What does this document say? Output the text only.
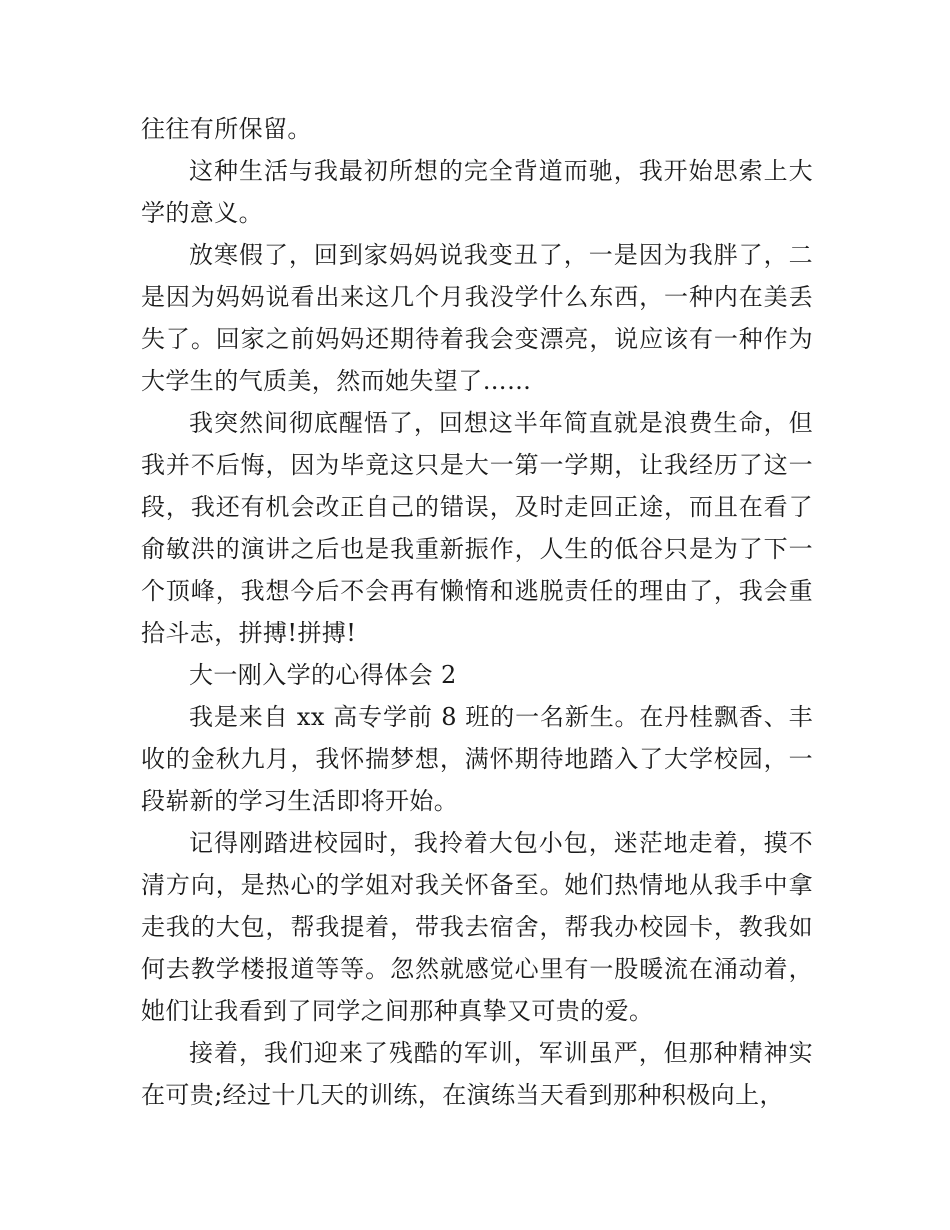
往往有所保留。

这种生活与我最初所想的完全背道而驰，我开始思索上大学的意义。

放寒假了，回到家妈妈说我变丑了，一是因为我胖了，二是因为妈妈说看出来这几个月我没学什么东西，一种内在美丢失了。回家之前妈妈还期待着我会变漂亮，说应该有一种作为大学生的气质美，然而她失望了……

我突然间彻底醒悟了，回想这半年简直就是浪费生命，但我并不后悔，因为毕竟这只是大一第一学期，让我经历了这一段，我还有机会改正自己的错误，及时走回正途，而且在看了俞敏洪的演讲之后也是我重新振作，人生的低谷只是为了下一个顶峰，我想今后不会再有懒惰和逃脱责任的理由了，我会重拾斗志，拼搏!拼搏!

大一刚入学的心得体会 2

我是来自 xx 高专学前 8 班的一名新生。在丹桂飘香、丰收的金秋九月，我怀揣梦想，满怀期待地踏入了大学校园，一段崭新的学习生活即将开始。

记得刚踏进校园时，我拎着大包小包，迷茫地走着，摸不清方向，是热心的学姐对我关怀备至。她们热情地从我手中拿走我的大包，帮我提着，带我去宿舍，帮我办校园卡，教我如何去教学楼报道等等。忽然就感觉心里有一股暖流在涌动着，她们让我看到了同学之间那种真挚又可贵的爱。

接着，我们迎来了残酷的军训，军训虽严，但那种精神实在可贵;经过十几天的训练，在演练当天看到那种积极向上，
